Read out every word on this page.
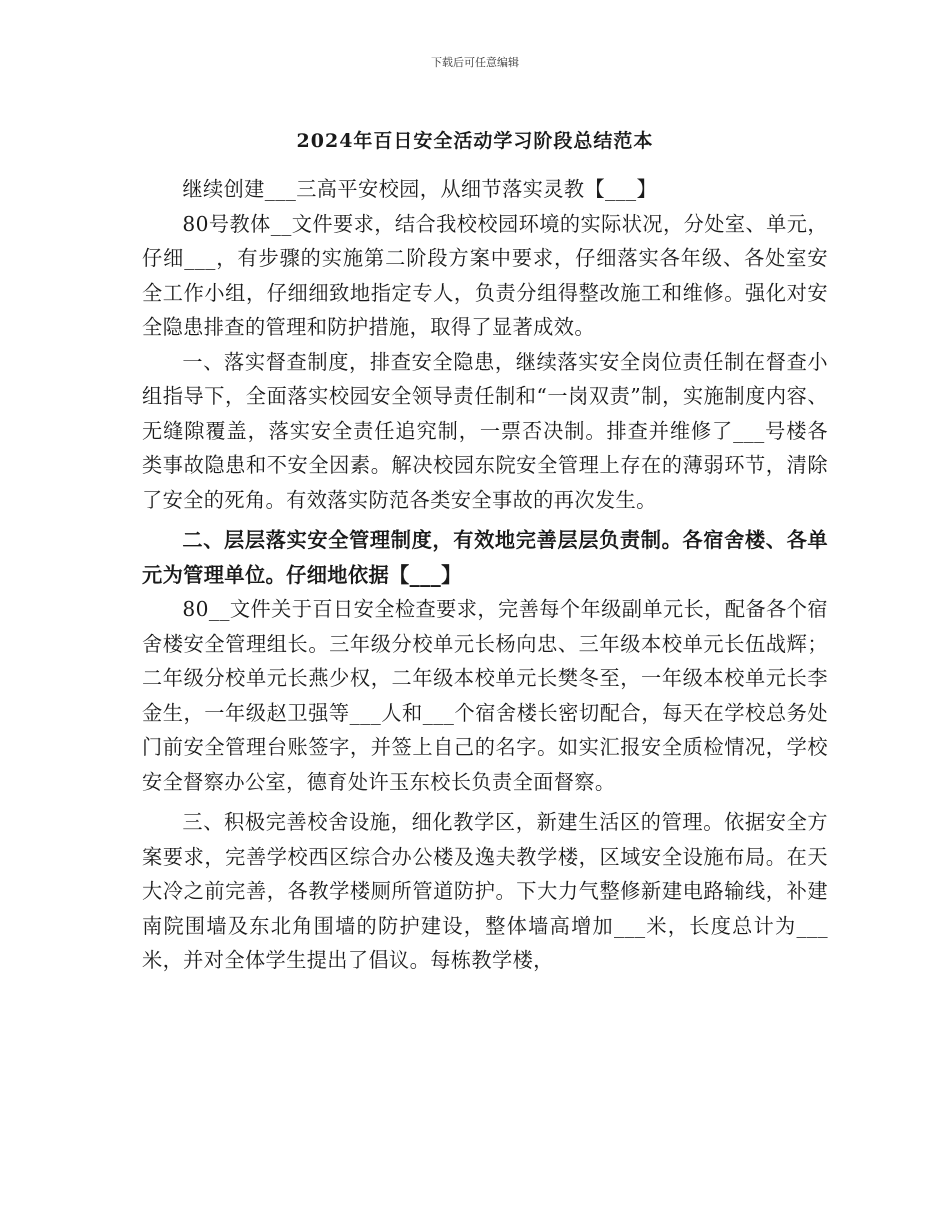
下载后可任意编辑
2024年百日安全活动学习阶段总结范本

继续创建___三高平安校园，从细节落实灵教【___】

80号教体__文件要求，结合我校校园环境的实际状况，分处室、单元，仔细___，有步骤的实施第二阶段方案中要求，仔细落实各年级、各处室安全工作小组，仔细细致地指定专人，负责分组得整改施工和维修。强化对安全隐患排查的管理和防护措施，取得了显著成效。

一、落实督查制度，排查安全隐患，继续落实安全岗位责任制在督查小组指导下，全面落实校园安全领导责任制和“一岗双责”制，实施制度内容、无缝隙覆盖，落实安全责任追究制，一票否决制。排查并维修了___号楼各类事故隐患和不安全因素。解决校园东院安全管理上存在的薄弱环节，清除了安全的死角。有效落实防范各类安全事故的再次发生。

二、层层落实安全管理制度，有效地完善层层负责制。各宿舍楼、各单元为管理单位。仔细地依据【___】

80__文件关于百日安全检查要求，完善每个年级副单元长，配备各个宿舍楼安全管理组长。三年级分校单元长杨向忠、三年级本校单元长伍战辉；二年级分校单元长燕少权，二年级本校单元长樊冬至，一年级本校单元长李金生，一年级赵卫强等___人和___个宿舍楼长密切配合，每天在学校总务处门前安全管理台账签字，并签上自己的名字。如实汇报安全质检情况，学校安全督察办公室，德育处许玉东校长负责全面督察。

三、积极完善校舍设施，细化教学区，新建生活区的管理。依据安全方案要求，完善学校西区综合办公楼及逸夫教学楼，区域安全设施布局。在天大冷之前完善，各教学楼厕所管道防护。下大力气整修新建电路输线，补建南院围墙及东北角围墙的防护建设，整体墙高增加___米，长度总计为___米，并对全体学生提出了倡议。每栋教学楼，
